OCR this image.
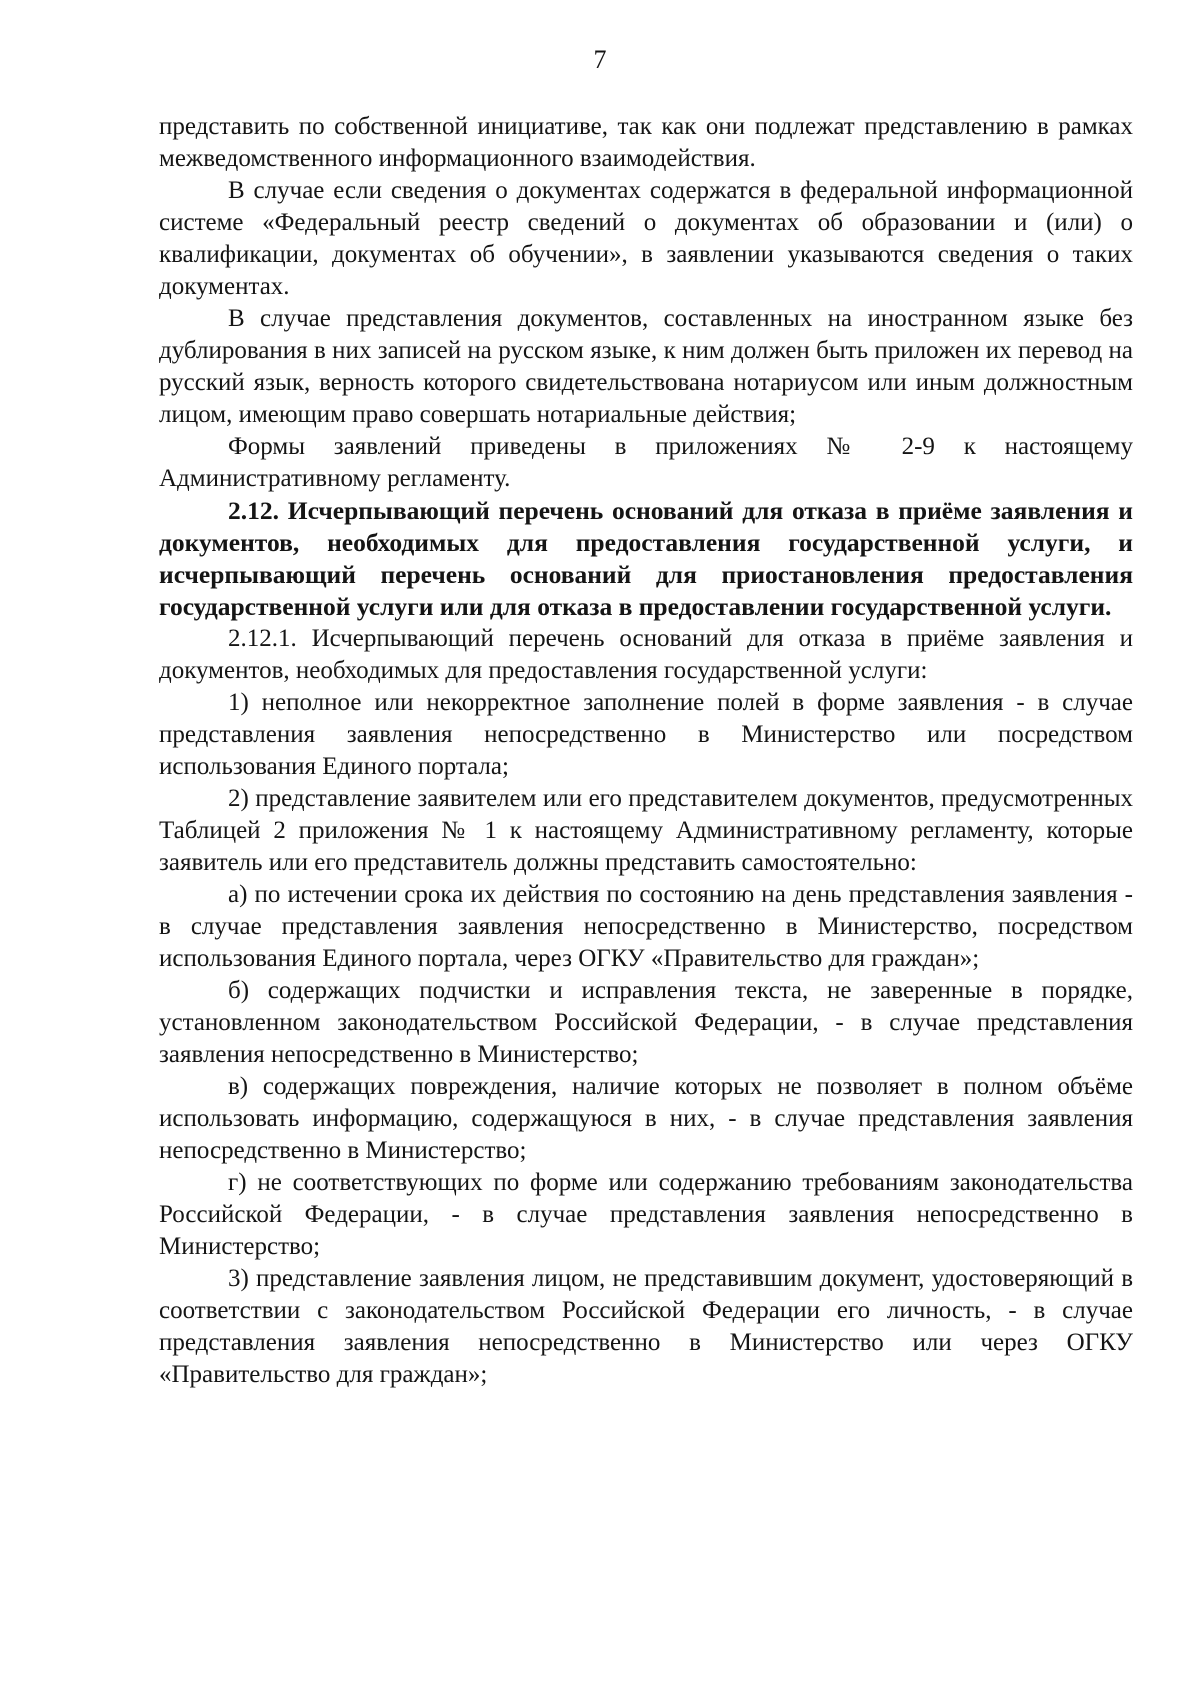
7

представить по собственной инициативе, так как они подлежат представлению в рамках межведомственного информационного взаимодействия.

В случае если сведения о документах содержатся в федеральной информационной системе «Федеральный реестр сведений о документах об образовании и (или) о квалификации, документах об обучении», в заявлении указываются сведения о таких документах.

В случае представления документов, составленных на иностранном языке без дублирования в них записей на русском языке, к ним должен быть приложен их перевод на русский язык, верность которого свидетельствована нотариусом или иным должностным лицом, имеющим право совершать нотариальные действия;

Формы заявлений приведены в приложениях № 2-9 к настоящему Административному регламенту.

2.12. Исчерпывающий перечень оснований для отказа в приёме заявления и документов, необходимых для предоставления государственной услуги, и исчерпывающий перечень оснований для приостановления предоставления государственной услуги или для отказа в предоставлении государственной услуги.

2.12.1. Исчерпывающий перечень оснований для отказа в приёме заявления и документов, необходимых для предоставления государственной услуги:

1) неполное или некорректное заполнение полей в форме заявления - в случае представления заявления непосредственно в Министерство или посредством использования Единого портала;

2) представление заявителем или его представителем документов, предусмотренных Таблицей 2 приложения № 1 к настоящему Административному регламенту, которые заявитель или его представитель должны представить самостоятельно:

а) по истечении срока их действия по состоянию на день представления заявления - в случае представления заявления непосредственно в Министерство, посредством использования Единого портала, через ОГКУ «Правительство для граждан»;

б) содержащих подчистки и исправления текста, не заверенные в порядке, установленном законодательством Российской Федерации, - в случае представления заявления непосредственно в Министерство;

в) содержащих повреждения, наличие которых не позволяет в полном объёме использовать информацию, содержащуюся в них, - в случае представления заявления непосредственно в Министерство;

г) не соответствующих по форме или содержанию требованиям законодательства Российской Федерации, - в случае представления заявления непосредственно в Министерство;

3) представление заявления лицом, не представившим документ, удостоверяющий в соответствии с законодательством Российской Федерации его личность, - в случае представления заявления непосредственно в Министерство или через ОГКУ «Правительство для граждан»;
